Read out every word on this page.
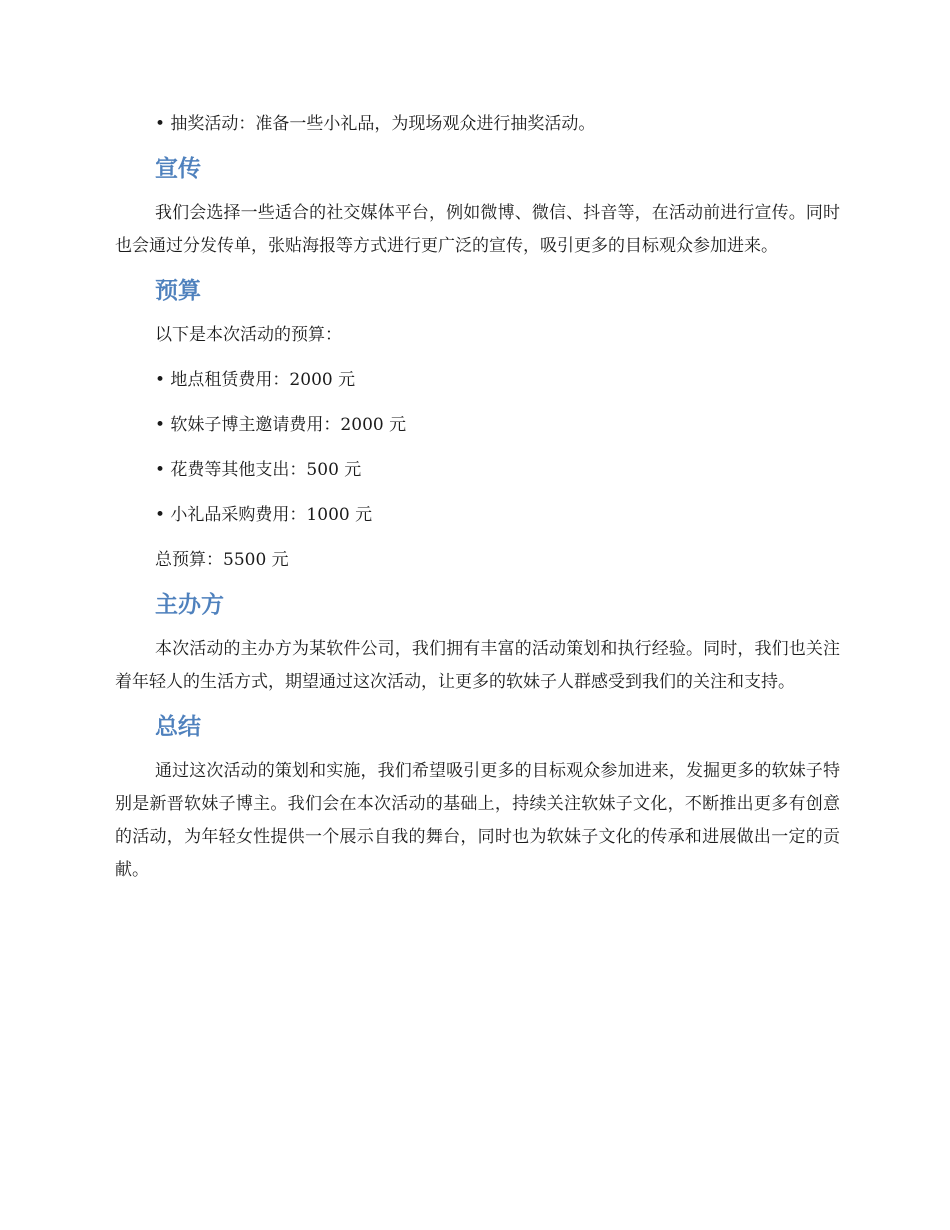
• 抽奖活动：准备一些小礼品，为现场观众进行抽奖活动。
宣传
我们会选择一些适合的社交媒体平台，例如微博、微信、抖音等，在活动前进行宣传。同时也会通过分发传单，张贴海报等方式进行更广泛的宣传，吸引更多的目标观众参加进来。
预算
以下是本次活动的预算：
• 地点租赁费用：2000 元
• 软妹子博主邀请费用：2000 元
• 花费等其他支出：500 元
• 小礼品采购费用：1000 元
总预算：5500 元
主办方
本次活动的主办方为某软件公司，我们拥有丰富的活动策划和执行经验。同时，我们也关注着年轻人的生活方式，期望通过这次活动，让更多的软妹子人群感受到我们的关注和支持。
总结
通过这次活动的策划和实施，我们希望吸引更多的目标观众参加进来，发掘更多的软妹子特别是新晋软妹子博主。我们会在本次活动的基础上，持续关注软妹子文化，不断推出更多有创意的活动，为年轻女性提供一个展示自我的舞台，同时也为软妹子文化的传承和进展做出一定的贡献。
